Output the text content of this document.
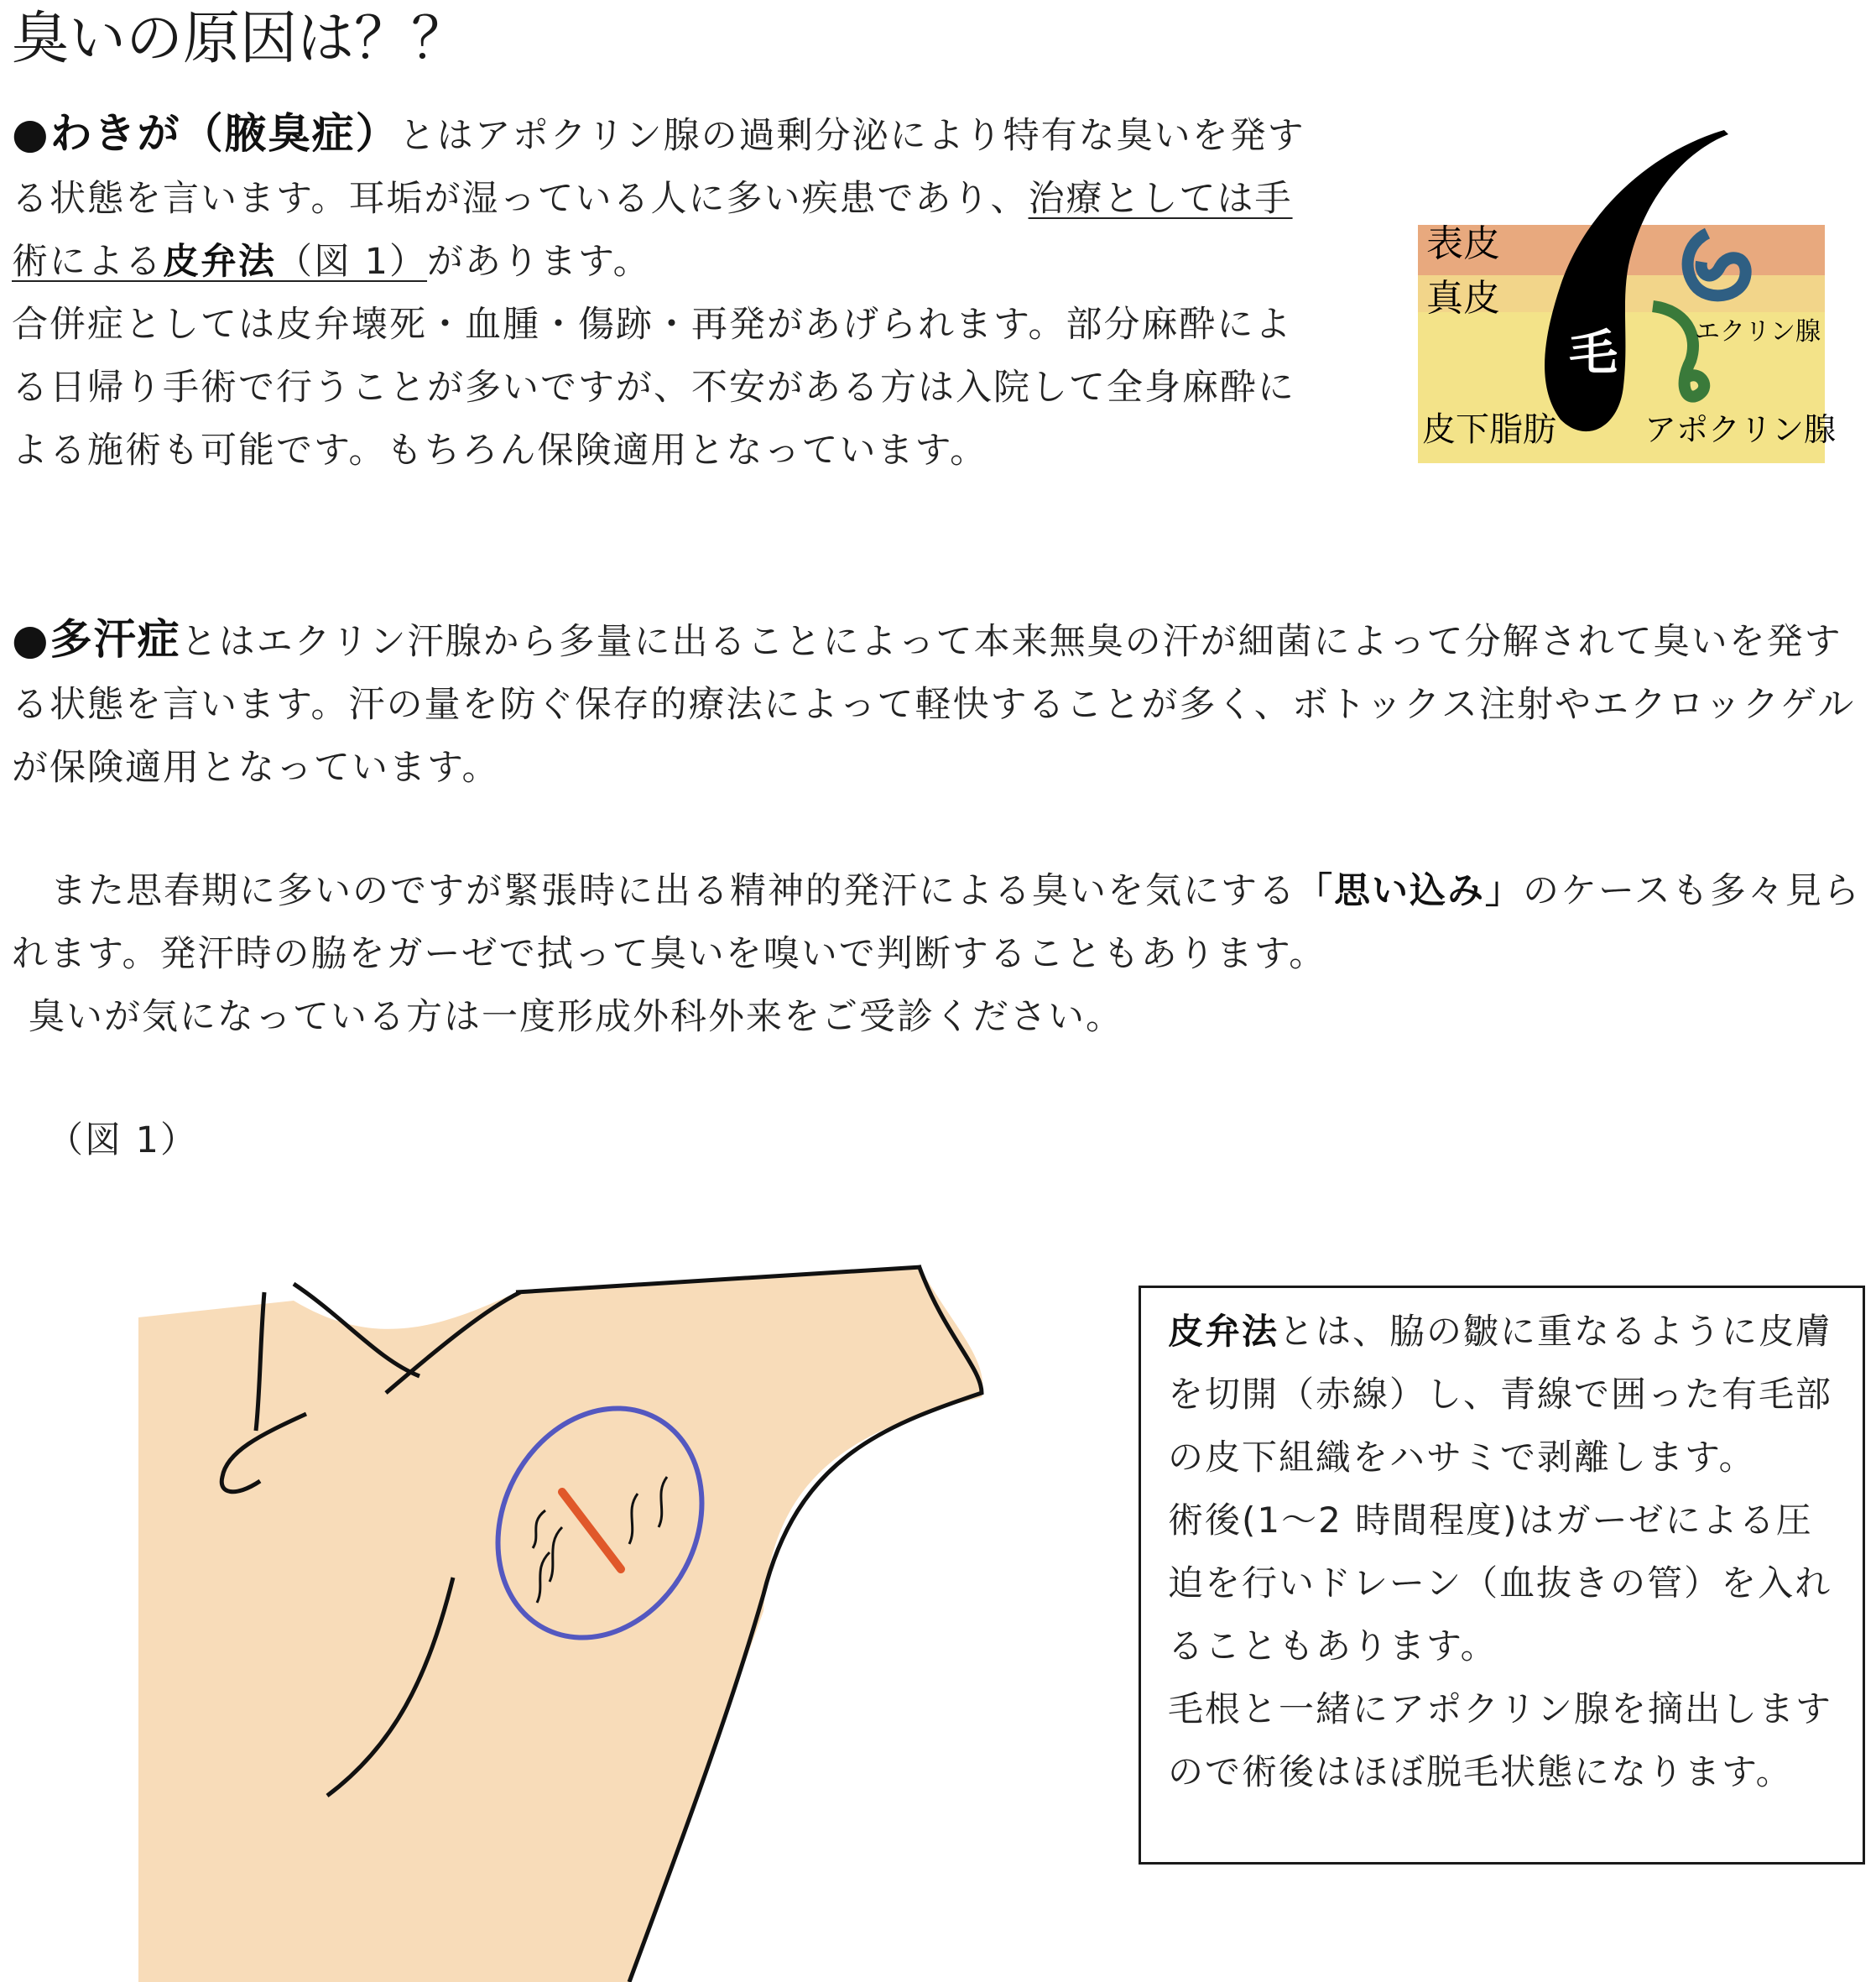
臭いの原因は？？
●わきが（腋臭症）とはアポクリン腺の過剰分泌により特有な臭いを発する状態を言います。耳垢が湿っている人に多い疾患であり、治療としては手術による皮弁法（図 1）があります。
合併症としては皮弁壊死・血腫・傷跡・再発があげられます。部分麻酔による日帰り手術で行うことが多いですが、不安がある方は入院して全身麻酔による施術も可能です。もちろん保険適用となっています。
表皮
真皮
毛	エクリン腺
皮下脂肪	アポクリン腺
●多汗症とはエクリン汗腺から多量に出ることによって本来無臭の汗が細菌によって分解されて臭いを発する状態を言います。汗の量を防ぐ保存的療法によって軽快することが多く、ボトックス注射やエクロックゲルが保険適用となっています。
また思春期に多いのですが緊張時に出る精神的発汗による臭いを気にする「思い込み」のケースも多々見られます。発汗時の脇をガーゼで拭って臭いを嗅いで判断することもあります。
臭いが気になっている方は一度形成外科外来をご受診ください。
（図 1）
皮弁法とは、脇の皺に重なるように皮膚を切開（赤線）し、青線で囲った有毛部の皮下組織をハサミで剥離します。
術後(1〜2 時間程度)はガーゼによる圧迫を行いドレーン（血抜きの管）を入れることもあります。
毛根と一緒にアポクリン腺を摘出しますので術後はほぼ脱毛状態になります。
